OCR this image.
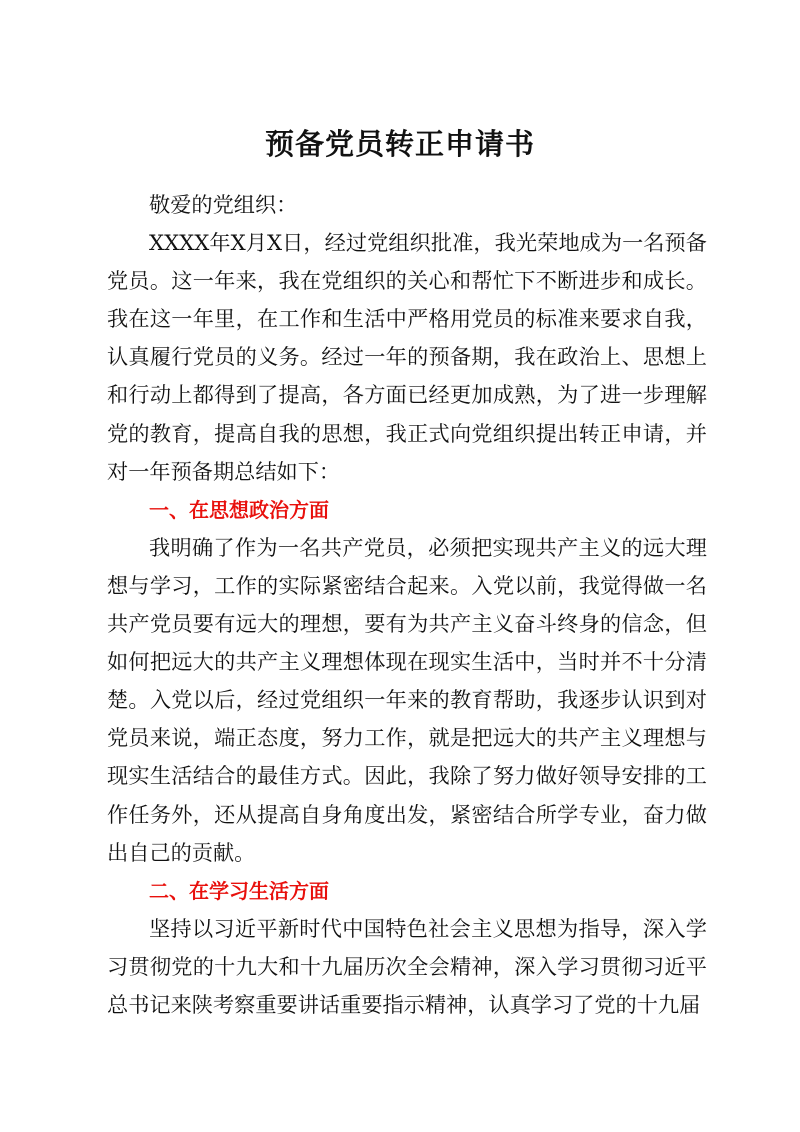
预备党员转正申请书

敬爱的党组织：

XXXX年X月X日，经过党组织批准，我光荣地成为一名预备党员。这一年来，我在党组织的关心和帮忙下不断进步和成长。我在这一年里，在工作和生活中严格用党员的标准来要求自我，认真履行党员的义务。经过一年的预备期，我在政治上、思想上和行动上都得到了提高，各方面已经更加成熟，为了进一步理解党的教育，提高自我的思想，我正式向党组织提出转正申请，并对一年预备期总结如下：

一、在思想政治方面

我明确了作为一名共产党员，必须把实现共产主义的远大理想与学习，工作的实际紧密结合起来。入党以前，我觉得做一名共产党员要有远大的理想，要有为共产主义奋斗终身的信念，但如何把远大的共产主义理想体现在现实生活中，当时并不十分清楚。入党以后，经过党组织一年来的教育帮助，我逐步认识到对党员来说，端正态度，努力工作，就是把远大的共产主义理想与现实生活结合的最佳方式。因此，我除了努力做好领导安排的工作任务外，还从提高自身角度出发，紧密结合所学专业，奋力做出自己的贡献。

二、在学习生活方面

坚持以习近平新时代中国特色社会主义思想为指导，深入学习贯彻党的十九大和十九届历次全会精神，深入学习贯彻习近平总书记来陕考察重要讲话重要指示精神，认真学习了党的十九届
